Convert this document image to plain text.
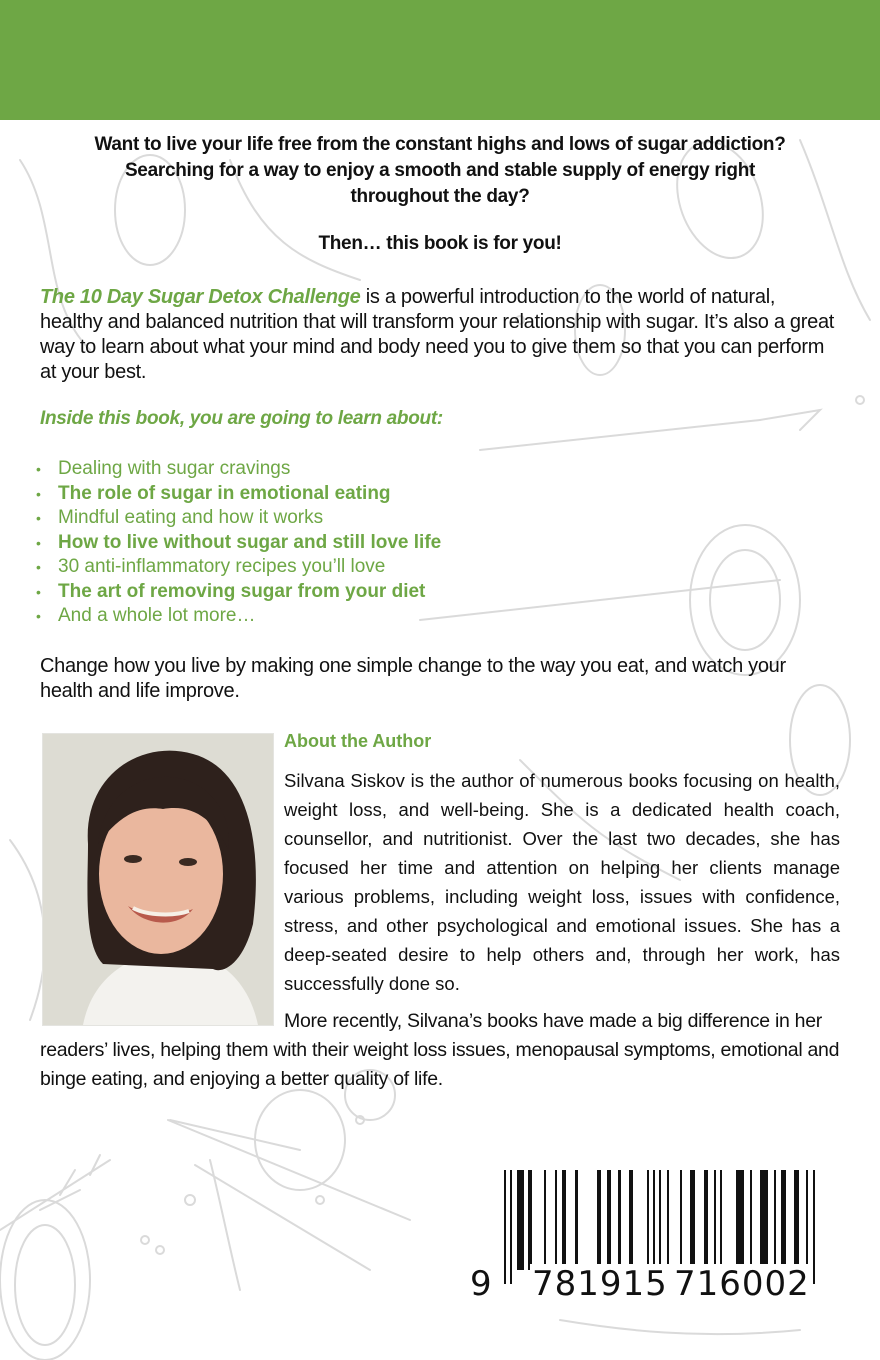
Want to live your life free from the constant highs and lows of sugar addiction?

Searching for a way to enjoy a smooth and stable supply of energy right

throughout the day?

Then… this book is for you!
The 10 Day Sugar Detox Challenge is a powerful introduction to the world of natural, healthy and balanced nutrition that will transform your relationship with sugar. It’s also a great way to learn about what your mind and body need you to give them so that you can perform at your best.
Inside this book, you are going to learn about:
• Dealing with sugar cravings
• The role of sugar in emotional eating
• Mindful eating and how it works
• How to live without sugar and still love life
• 30 anti-inflammatory recipes you’ll love
• The art of removing sugar from your diet
• And a whole lot more…
Change how you live by making one simple change to the way you eat, and watch your health and life improve.
About the Author
Silvana Siskov is the author of numerous books focusing on health, weight loss, and well-being. She is a dedicated health coach, counsellor, and nutritionist. Over the last two decades, she has focused her time and attention on helping her clients manage various problems, including weight loss, issues with confidence, stress, and other psychological and emotional issues. She has a deep-seated desire to help others and, through her work, has successfully done so.
More recently, Silvana’s books have made a big difference in her readers’ lives, helping them with their weight loss issues, menopausal symptoms, emotional and binge eating, and enjoying a better quality of life.
9 781915 716002
